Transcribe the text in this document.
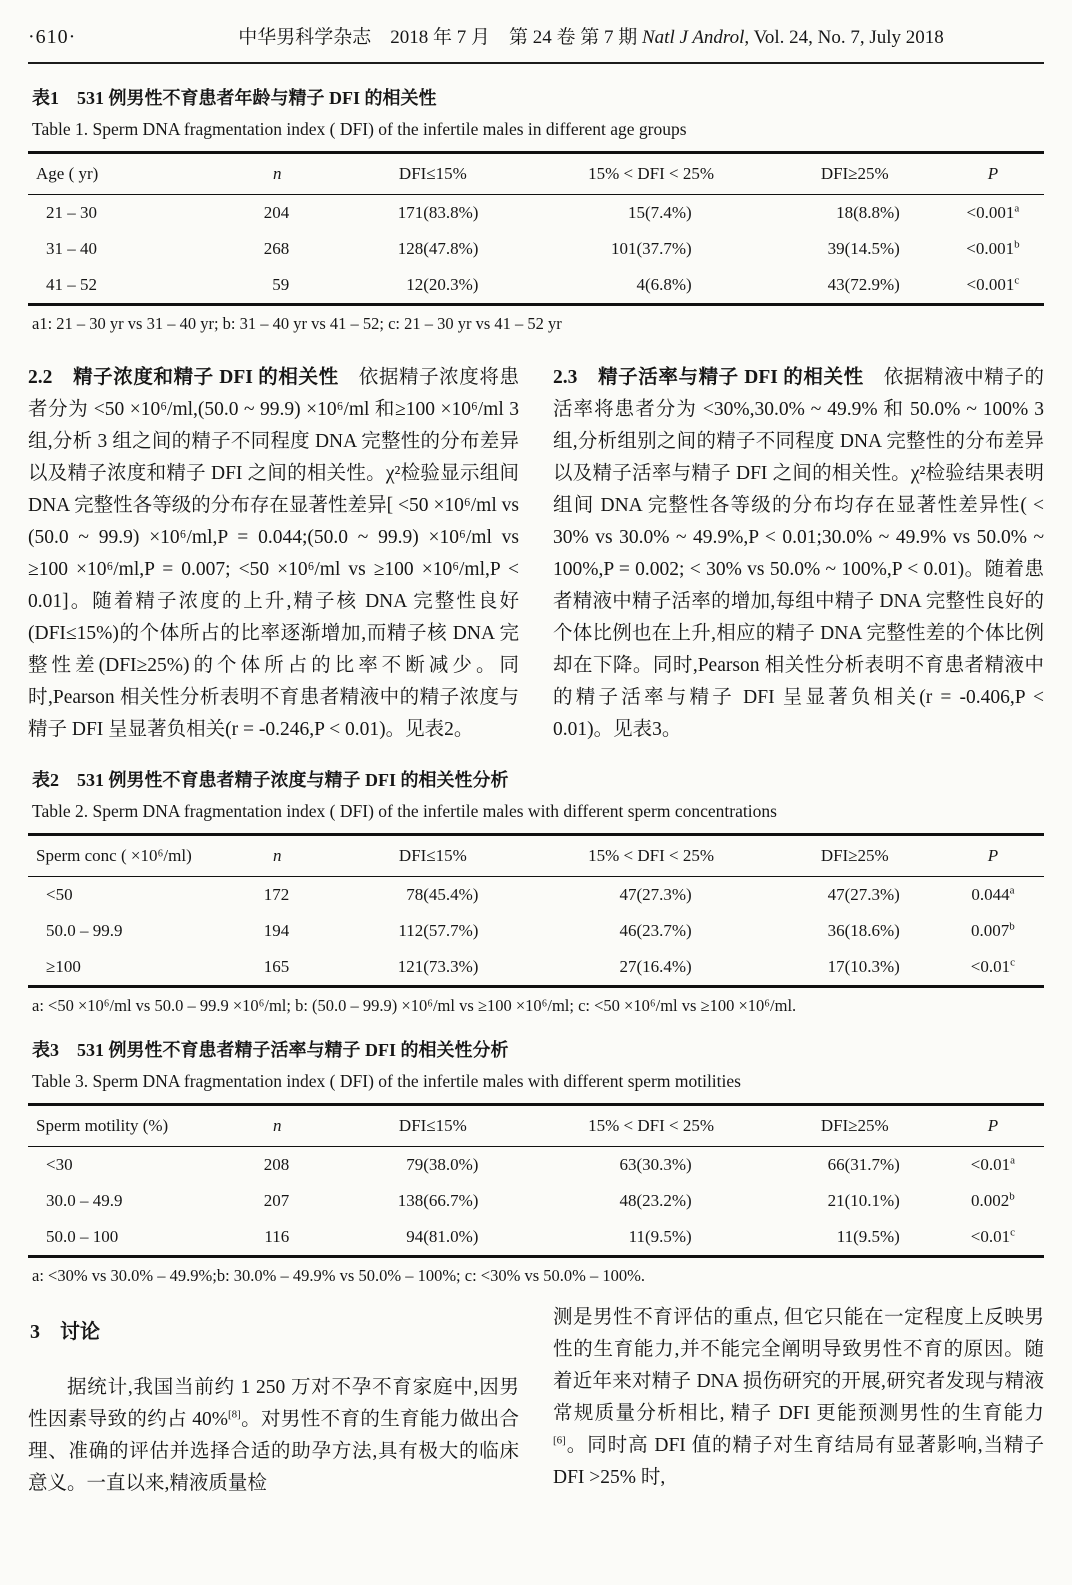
·610·	中华男科学杂志　2018 年 7 月　第 24 卷 第 7 期 Natl J Androl, Vol. 24, No. 7, July 2018
表1　531 例男性不育患者年龄与精子 DFI 的相关性
Table 1. Sperm DNA fragmentation index ( DFI) of the infertile males in different age groups
Age ( yr)	n	DFI≤15%	15% < DFI < 25%	DFI≥25%	P
21 – 30	204	171(83.8%)	15(7.4%)	18(8.8%)	<0.001$^a$
31 – 40	268	128(47.8%)	101(37.7%)	39(14.5%)	<0.001$^b$
41 – 52	59	12(20.3%)	4(6.8%)	43(72.9%)	<0.001$^c$
a1: 21 – 30 yr vs 31 – 40 yr; b: 31 – 40 yr vs 41 – 52; c: 21 – 30 yr vs 41 – 52 yr
2.2　精子浓度和精子 DFI 的相关性　依据精子浓度将患者分为 <50 ×10⁶/ml,(50.0 ~ 99.9) ×10⁶/ml 和≥100 ×10⁶/ml 3 组,分析 3 组之间的精子不同程度 DNA 完整性的分布差异以及精子浓度和精子 DFI 之间的相关性。χ²检验显示组间 DNA 完整性各等级的分布存在显著性差异[ <50 ×10⁶/ml vs (50.0 ~ 99.9) ×10⁶/ml,P = 0.044;(50.0 ~ 99.9) ×10⁶/ml vs ≥100 ×10⁶/ml,P = 0.007; <50 ×10⁶/ml vs ≥100 ×10⁶/ml,P < 0.01]。随着精子浓度的上升,精子核 DNA 完整性良好(DFI≤15%)的个体所占的比率逐渐增加,而精子核 DNA 完整性差(DFI≥25%)的个体所占的比率不断减少。同时,Pearson 相关性分析表明不育患者精液中的精子浓度与精子 DFI 呈显著负相关(r = -0.246,P < 0.01)。见表2。
2.3　精子活率与精子 DFI 的相关性　依据精液中精子的活率将患者分为 <30%,30.0% ~ 49.9% 和 50.0% ~ 100% 3 组,分析组别之间的精子不同程度 DNA 完整性的分布差异以及精子活率与精子 DFI 之间的相关性。χ²检验结果表明组间 DNA 完整性各等级的分布均存在显著性差异性( < 30% vs 30.0% ~ 49.9%,P < 0.01;30.0% ~ 49.9% vs 50.0% ~ 100%,P = 0.002; < 30% vs 50.0% ~ 100%,P < 0.01)。随着患者精液中精子活率的增加,每组中精子 DNA 完整性良好的个体比例也在上升,相应的精子 DNA 完整性差的个体比例却在下降。同时,Pearson 相关性分析表明不育患者精液中的精子活率与精子 DFI 呈显著负相关(r = -0.406,P < 0.01)。见表3。
表2　531 例男性不育患者精子浓度与精子 DFI 的相关性分析
Table 2. Sperm DNA fragmentation index ( DFI) of the infertile males with different sperm concentrations
Sperm conc ( ×10⁶/ml)	n	DFI≤15%	15% < DFI < 25%	DFI≥25%	P
<50	172	78(45.4%)	47(27.3%)	47(27.3%)	0.044$^a$
50.0 – 99.9	194	112(57.7%)	46(23.7%)	36(18.6%)	0.007$^b$
≥100	165	121(73.3%)	27(16.4%)	17(10.3%)	<0.01$^c$
a: <50 ×10⁶/ml vs 50.0 – 99.9 ×10⁶/ml; b: (50.0 – 99.9) ×10⁶/ml vs ≥100 ×10⁶/ml; c: <50 ×10⁶/ml vs ≥100 ×10⁶/ml.
表3　531 例男性不育患者精子活率与精子 DFI 的相关性分析
Table 3. Sperm DNA fragmentation index ( DFI) of the infertile males with different sperm motilities
Sperm motility (%)	n	DFI≤15%	15% < DFI < 25%	DFI≥25%	P
<30	208	79(38.0%)	63(30.3%)	66(31.7%)	<0.01$^a$
30.0 – 49.9	207	138(66.7%)	48(23.2%)	21(10.1%)	0.002$^b$
50.0 – 100	116	94(81.0%)	11(9.5%)	11(9.5%)	<0.01$^c$
a: <30% vs 30.0% – 49.9%;b: 30.0% – 49.9% vs 50.0% – 100%; c: <30% vs 50.0% – 100%.
3　讨论
据统计,我国当前约 1 250 万对不孕不育家庭中,因男性因素导致的约占 40%[8]。对男性不育的生育能力做出合理、准确的评估并选择合适的助孕方法,具有极大的临床意义。一直以来,精液质量检
测是男性不育评估的重点, 但它只能在一定程度上反映男性的生育能力,并不能完全阐明导致男性不育的原因。随着近年来对精子 DNA 损伤研究的开展,研究者发现与精液常规质量分析相比, 精子 DFI 更能预测男性的生育能力[6]。同时高 DFI 值的精子对生育结局有显著影响,当精子 DFI >25% 时,
